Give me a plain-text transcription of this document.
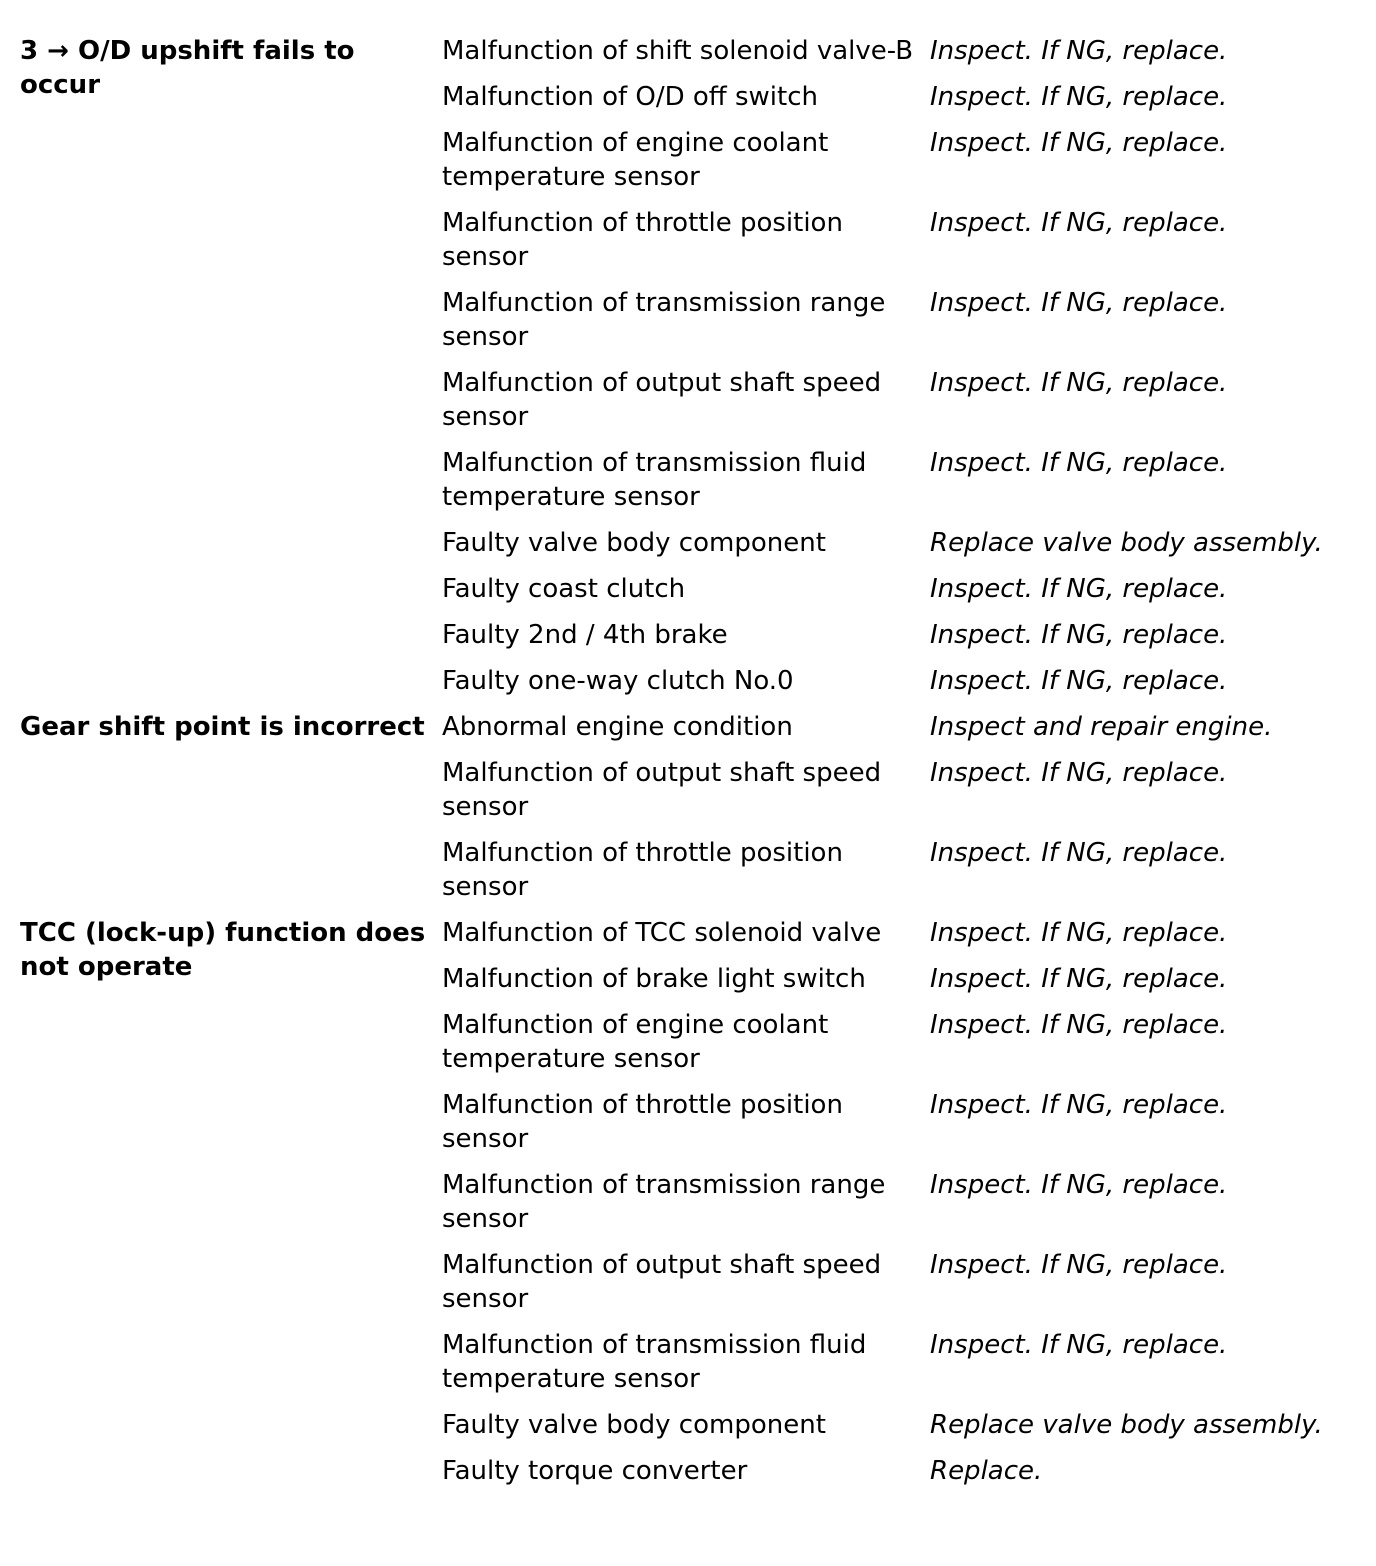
3 → O/D upshift fails to occur	Malfunction of shift solenoid valve-B	Inspect. If NG, replace.
	Malfunction of O/D off switch	Inspect. If NG, replace.
	Malfunction of engine coolant temperature sensor	Inspect. If NG, replace.
	Malfunction of throttle position sensor	Inspect. If NG, replace.
	Malfunction of transmission range sensor	Inspect. If NG, replace.
	Malfunction of output shaft speed sensor	Inspect. If NG, replace.
	Malfunction of transmission fluid temperature sensor	Inspect. If NG, replace.
	Faulty valve body component	Replace valve body assembly.
	Faulty coast clutch	Inspect. If NG, replace.
	Faulty 2nd / 4th brake	Inspect. If NG, replace.
	Faulty one-way clutch No.0	Inspect. If NG, replace.
Gear shift point is incorrect	Abnormal engine condition	Inspect and repair engine.
	Malfunction of output shaft speed sensor	Inspect. If NG, replace.
	Malfunction of throttle position sensor	Inspect. If NG, replace.
TCC (lock-up) function does not operate	Malfunction of TCC solenoid valve	Inspect. If NG, replace.
	Malfunction of brake light switch	Inspect. If NG, replace.
	Malfunction of engine coolant temperature sensor	Inspect. If NG, replace.
	Malfunction of throttle position sensor	Inspect. If NG, replace.
	Malfunction of transmission range sensor	Inspect. If NG, replace.
	Malfunction of output shaft speed sensor	Inspect. If NG, replace.
	Malfunction of transmission fluid temperature sensor	Inspect. If NG, replace.
	Faulty valve body component	Replace valve body assembly.
	Faulty torque converter	Replace.
